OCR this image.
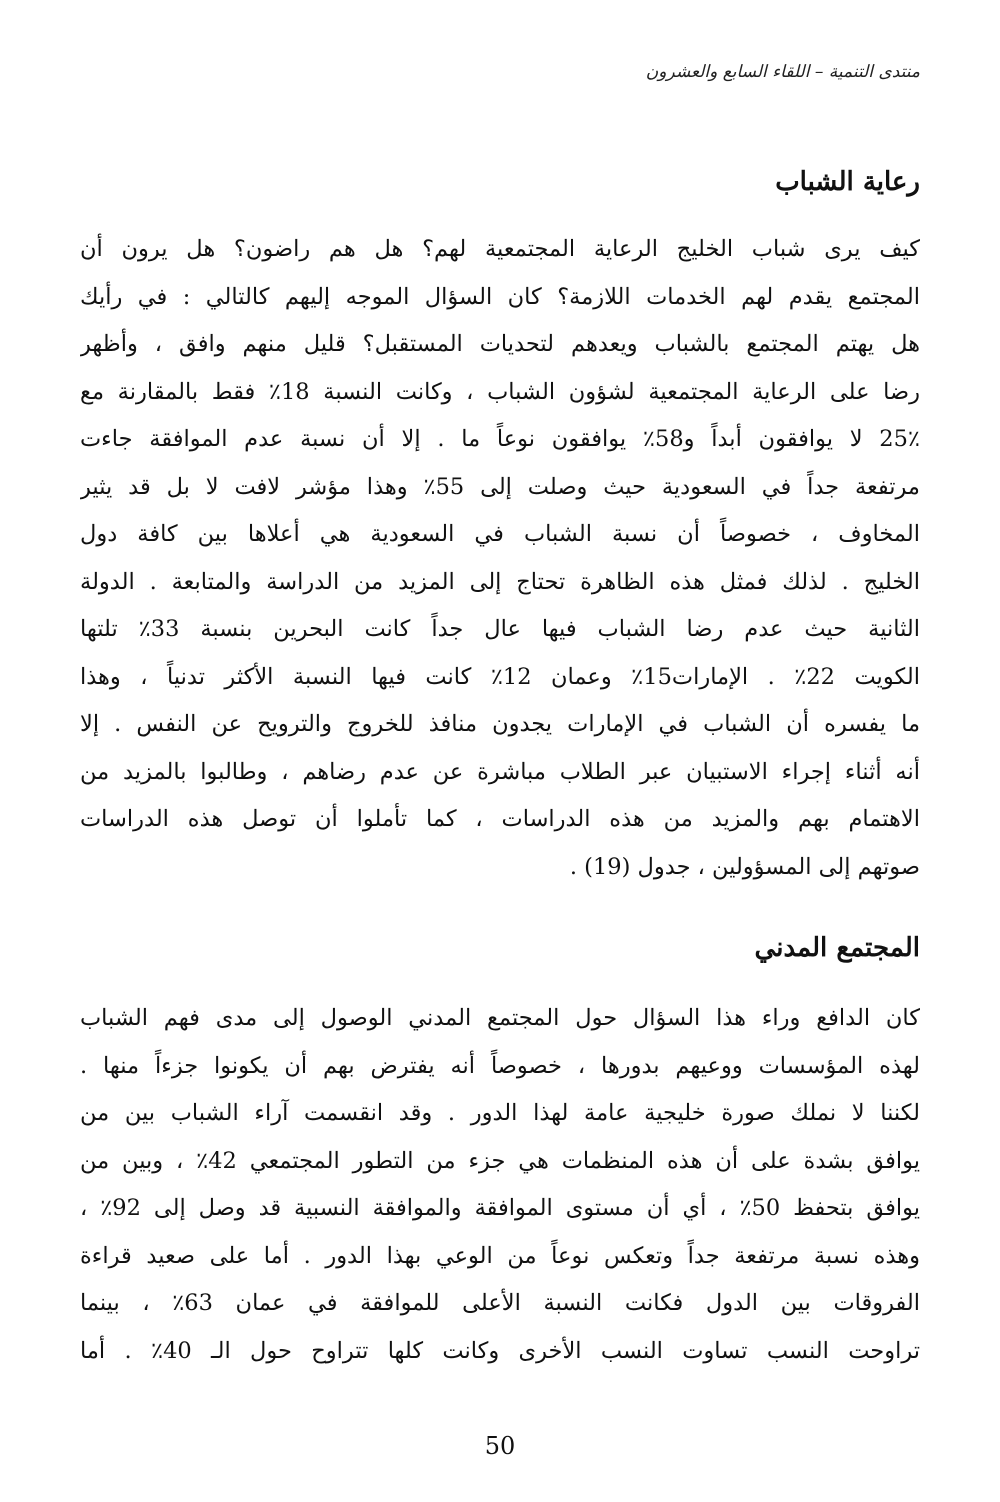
منتدى التنمية – اللقاء السابع والعشرون
رعاية الشباب
كيف يرى شباب الخليج الرعاية المجتمعية لهم؟ هل هم راضون؟ هل يرون أن
المجتمع يقدم لهم الخدمات اللازمة؟ كان السؤال الموجه إليهم كالتالي : في رأيك
هل يهتم المجتمع بالشباب ويعدهم لتحديات المستقبل؟ قليل منهم وافق ، وأظهر
رضا على الرعاية المجتمعية لشؤون الشباب ، وكانت النسبة 18٪ فقط بالمقارنة مع
25٪ لا يوافقون أبداً و58٪ يوافقون نوعاً ما . إلا أن نسبة عدم الموافقة جاءت
مرتفعة جداً في السعودية حيث وصلت إلى 55٪ وهذا مؤشر لافت لا بل قد يثير
المخاوف ، خصوصاً أن نسبة الشباب في السعودية هي أعلاها بين كافة دول
الخليج . لذلك فمثل هذه الظاهرة تحتاج إلى المزيد من الدراسة والمتابعة . الدولة
الثانية حيث عدم رضا الشباب فيها عال جداً كانت البحرين بنسبة 33٪ تلتها
الكويت 22٪ . الإمارات15٪ وعمان 12٪ كانت فيها النسبة الأكثر تدنياً ، وهذا
ما يفسره أن الشباب في الإمارات يجدون منافذ للخروج والترويح عن النفس . إلا
أنه أثناء إجراء الاستبيان عبر الطلاب مباشرة عن عدم رضاهم ، وطالبوا بالمزيد من
الاهتمام بهم والمزيد من هذه الدراسات ، كما تأملوا أن توصل هذه الدراسات
صوتهم إلى المسؤولين ، جدول (19) .
المجتمع المدني
كان الدافع وراء هذا السؤال حول المجتمع المدني الوصول إلى مدى فهم الشباب
لهذه المؤسسات ووعيهم بدورها ، خصوصاً أنه يفترض بهم أن يكونوا جزءاً منها .
لكننا لا نملك صورة خليجية عامة لهذا الدور . وقد انقسمت آراء الشباب بين من
يوافق بشدة على أن هذه المنظمات هي جزء من التطور المجتمعي 42٪ ، وبين من
يوافق بتحفظ 50٪ ، أي أن مستوى الموافقة والموافقة النسبية قد وصل إلى 92٪ ،
وهذه نسبة مرتفعة جداً وتعكس نوعاً من الوعي بهذا الدور . أما على صعيد قراءة
الفروقات بين الدول فكانت النسبة الأعلى للموافقة في عمان 63٪ ، بينما
تراوحت النسب تساوت النسب الأخرى وكانت كلها تتراوح حول الـ 40٪ . أما
50
